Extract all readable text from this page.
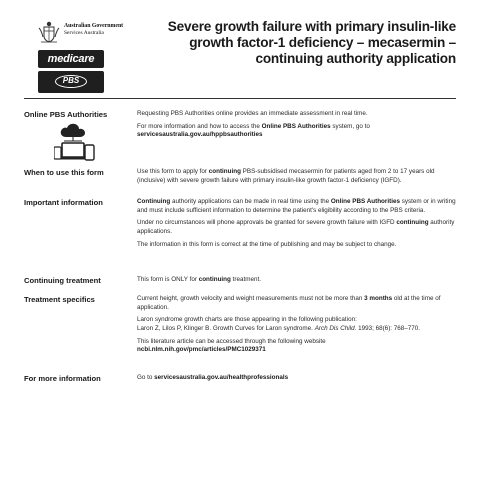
Australian Government
Services Australia
medicare
PBS
Severe growth failure with primary insulin-like growth factor-1 deficiency – mecasermin – continuing authority application
Online PBS Authorities	Requesting PBS Authorities online provides an immediate assessment in real time.

For more information and how to access the Online PBS Authorities system, go to
servicesaustralia.gov.au/hppbsauthorities

When to use this form	Use this form to apply for continuing PBS-subsidised mecasermin for patients aged from 2 to 17 years old (inclusive) with severe growth failure with primary insulin-like growth factor-1 deficiency (IGFD).

Important information	Continuing authority applications can be made in real time using the Online PBS Authorities system or in writing and must include sufficient information to determine the patient's eligibility according to the PBS criteria.

Under no circumstances will phone approvals be granted for severe growth failure with IGFD continuing authority applications.

The information in this form is correct at the time of publishing and may be subject to change.

Continuing treatment	This form is ONLY for continuing treatment.

Treatment specifics	Current height, growth velocity and weight measurements must not be more than 3 months old at the time of application.

Laron syndrome growth charts are those appearing in the following publication:
Laron Z, Lilos P, Klinger B. Growth Curves for Laron syndrome. Arch Dis Child. 1993; 68(6): 768–770.

This literature article can be accessed through the following website
ncbi.nlm.nih.gov/pmc/articles/PMC1029371

For more information	Go to servicesaustralia.gov.au/healthprofessionals
